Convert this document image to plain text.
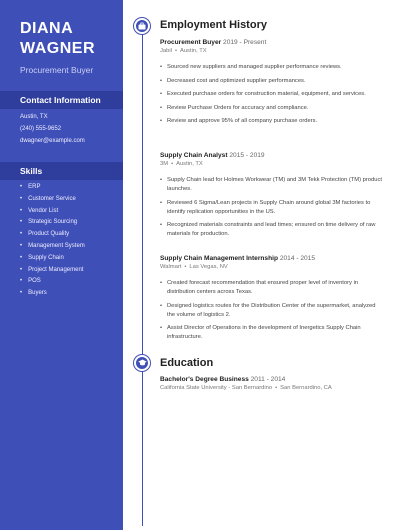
DIANA
WAGNER
Procurement Buyer
Contact Information
Austin, TX
(240) 555-9652
dwagner@example.com
Skills
• ERP
• Customer Service
• Vendor List
• Strategic Sourcing
• Product Quality
• Management System
• Supply Chain
• Project Management
• POS
• Buyers
Employment History
Procurement Buyer 2019 - Present
Jabil • Austin, TX
• Sourced new suppliers and managed supplier performance reviews.
• Decreased cost and optimized supplier performances.
• Executed purchase orders for construction material, equipment, and services.
• Review Purchase Orders for accuracy and compliance.
• Review and approve 95% of all company purchase orders.
Supply Chain Analyst 2015 - 2019
3M • Austin, TX
• Supply Chain lead for Holmes Workwear (TM) and 3M Tekk Protection (TM) product launches.
• Reviewed 6 Sigma/Lean projects in Supply Chain around global 3M factories to identify replication opportunities in the US.
• Recognized materials constraints and lead times; ensured on time delivery of raw materials for production.
Supply Chain Management Internship 2014 - 2015
Walmart • Las Vegas, NV
• Created forecast recommendation that ensured proper level of inventory in distribution centers across Texas.
• Designed logistics routes for the Distribution Center of the supermarket, analyzed the volume of logistics 2.
• Assist Director of Operations in the development of Inergetics Supply Chain infrastructure.
Education
Bachelor's Degree Business 2011 - 2014
California State University - San Bernardino • San Bernardino, CA
